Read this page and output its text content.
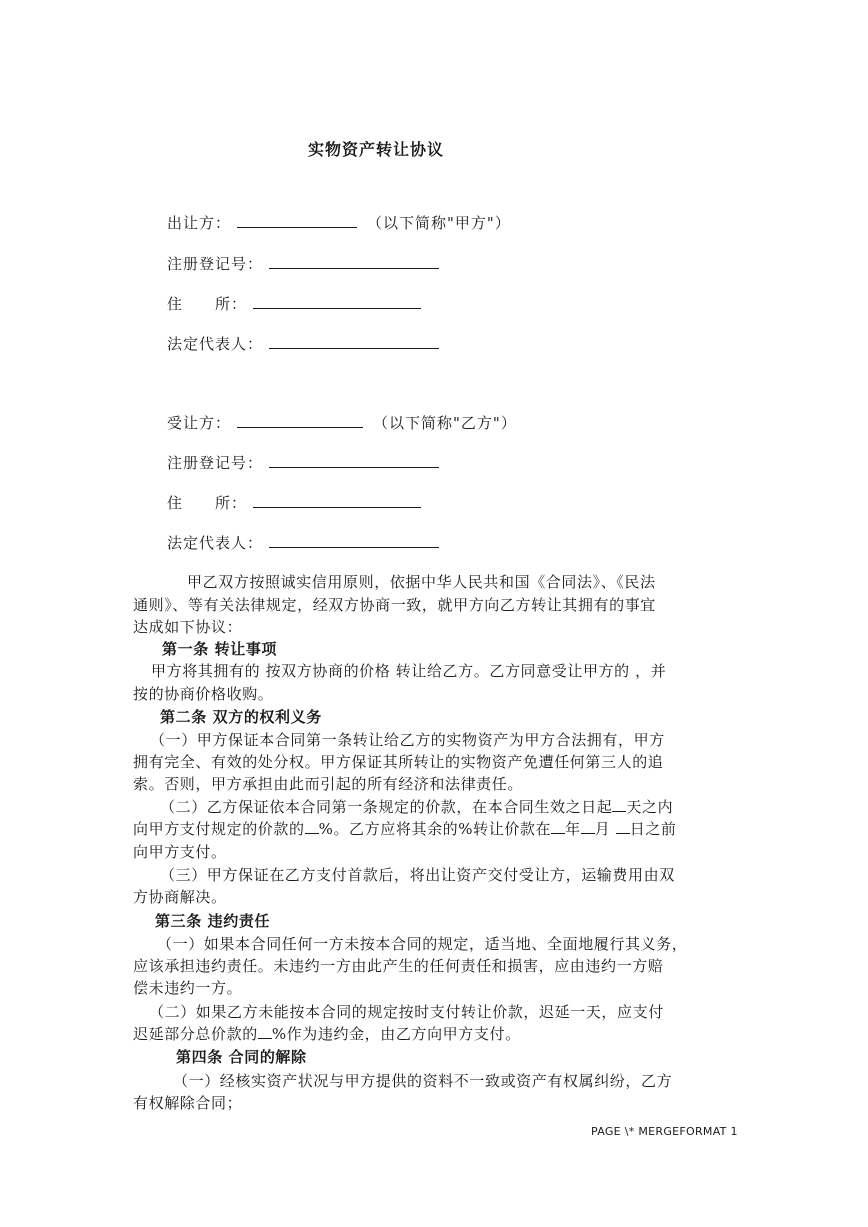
实物资产转让协议
出让方：	（以下简称"甲方"）
注册登记号：
住　　所：
法定代表人：
受让方：	（以下简称"乙方"）
注册登记号：
住　　所：
法定代表人：
甲乙双方按照诚实信用原则，依据中华人民共和国《合同法》、《民法
通则》、等有关法律规定，经双方协商一致，就甲方向乙方转让其拥有的事宜
达成如下协议：
第一条 转让事项
甲方将其拥有的 按双方协商的价格 转让给乙方。乙方同意受让甲方的 ，并
按的协商价格收购。
第二条 双方的权利义务
（一）甲方保证本合同第一条转让给乙方的实物资产为甲方合法拥有，甲方
拥有完全、有效的处分权。甲方保证其所转让的实物资产免遭任何第三人的追
索。否则，甲方承担由此而引起的所有经济和法律责任。
（二）乙方保证依本合同第一条规定的价款，在本合同生效之日起 天之内
向甲方支付规定的价款的 %。乙方应将其余的%转让价款在 年 月 日之前
向甲方支付。
（三）甲方保证在乙方支付首款后，将出让资产交付受让方，运输费用由双
方协商解决。
第三条 违约责任
（一）如果本合同任何一方未按本合同的规定，适当地、全面地履行其义务，
应该承担违约责任。未违约一方由此产生的任何责任和损害，应由违约一方赔
偿未违约一方。
（二）如果乙方未能按本合同的规定按时支付转让价款，迟延一天，应支付
迟延部分总价款的 %作为违约金，由乙方向甲方支付。
第四条 合同的解除
（一）经核实资产状况与甲方提供的资料不一致或资产有权属纠纷，乙方
有权解除合同；
PAGE \* MERGEFORMAT 1
